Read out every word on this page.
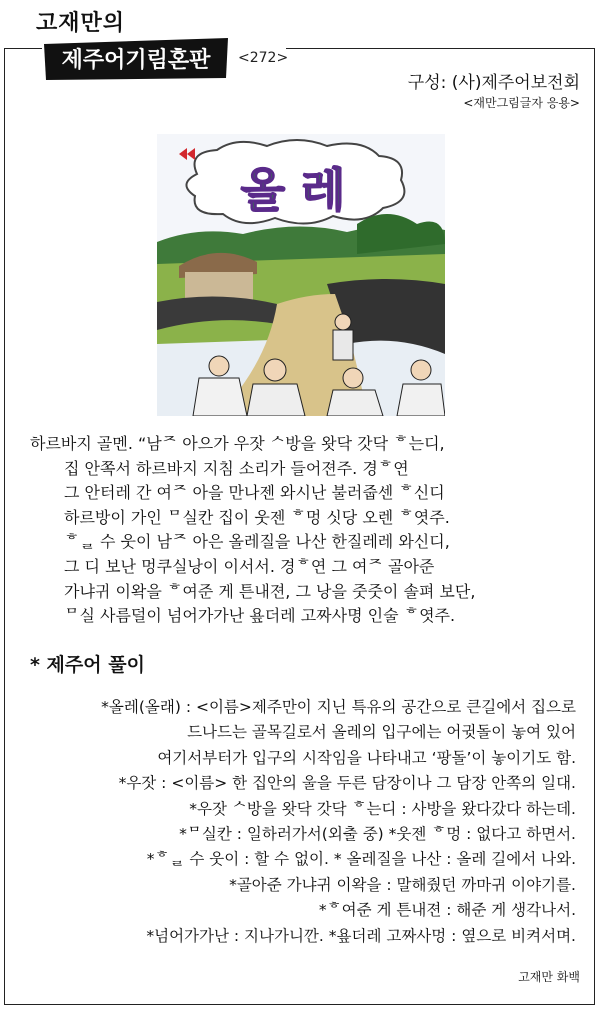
고재만의
제주어기림혼판 <272>
구성: (사)제주어보전회
<재만그림글자 응용>
올레
하르바지 골멘. “남ᄌ 아으가 우잣 ᄉ방을 왓닥 갓닥 ᄒ는디,
집 안쪽서 하르바지 지침 소리가 들어젼주. 경ᄒ연
그 안터레 간 여ᄌ 아을 만나젠 와시난 불러줍센 ᄒ신디
하르방이 가인 ᄆ실칸 집이 웃젠 ᄒ멍 싯당 오렌 ᄒ엿주.
ᄒᆯ 수 웃이 남ᄌ 아은 올레질을 나산 한질레레 와신디,
그 디 보난 멍쿠실낭이 이서서. 경ᄒ연 그 여ᄌ 골아준
가냐귀 이왁을 ᄒ여준 게 튼내젼, 그 낭을 줏줏이 솔펴 보단,
ᄆ실 사름덜이 넘어가가난 욮더레 고짜사명 인술 ᄒ엿주.
* 제주어 풀이
*올레(올래) : <이름>제주만이 지닌 특유의 공간으로 큰길에서 집으로
드나드는 골목길로서 올레의 입구에는 어귓돌이 놓여 있어
여기서부터가 입구의 시작임을 나타내고 ‘팡돌’이 놓이기도 함.
*우잣 : <이름> 한 집안의 울을 두른 담장이나 그 담장 안쪽의 일대.
*우잣 ᄉ방을 왓닥 갓닥 ᄒ는디 : 사방을 왔다갔다 하는데.
*ᄆ실칸 : 일하러가서(외출 중) *웃젠 ᄒ멍 : 없다고 하면서.
*ᄒᆯ 수 웃이 : 할 수 없이. * 올레질을 나산 : 올레 길에서 나와.
*골아준 가냐귀 이왁을 : 말해줬던 까마귀 이야기를.
*ᄒ여준 게 튼내젼 : 해준 게 생각나서.
*넘어가가난 : 지나가니깐. *욮더레 고짜사멍 : 옆으로 비켜서며.
고재만 화백
